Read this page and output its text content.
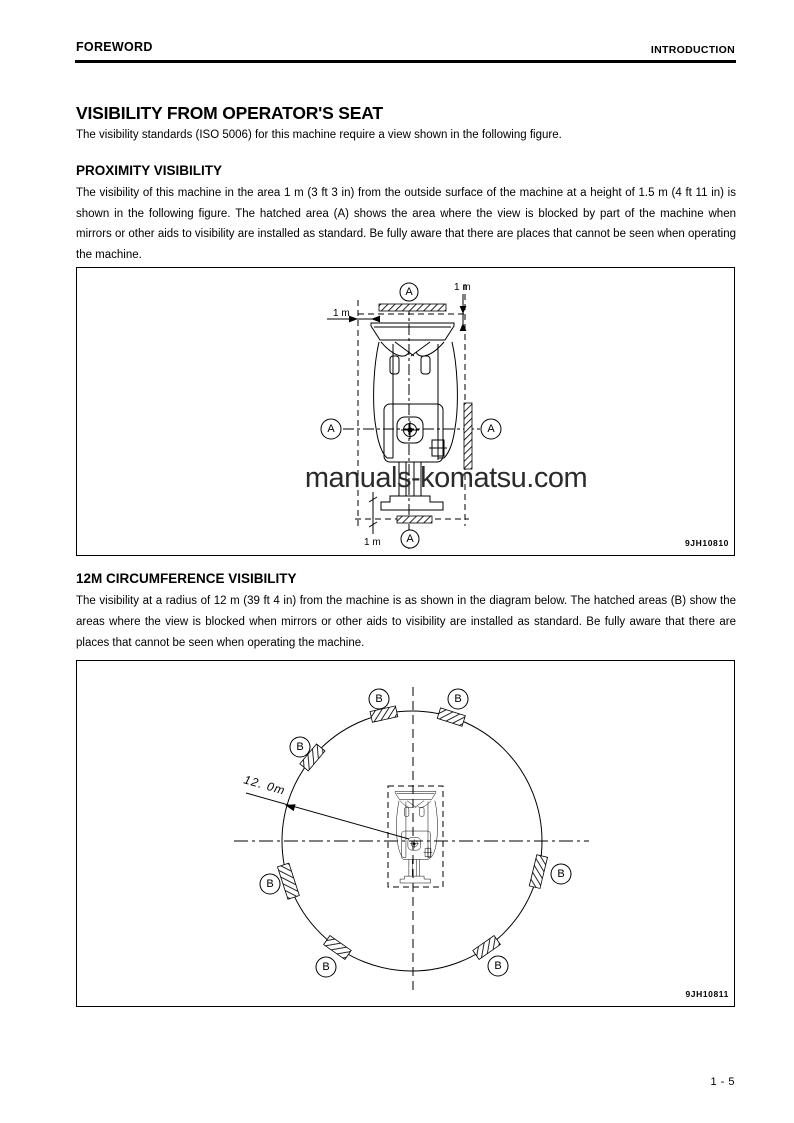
FOREWORD	INTRODUCTION
VISIBILITY FROM OPERATOR'S SEAT
The visibility standards (ISO 5006) for this machine require a view shown in the following figure.
PROXIMITY VISIBILITY
The visibility of this machine in the area 1 m (3 ft 3 in) from the outside surface of the machine at a height of 1.5 m (4 ft 11 in) is shown in the following figure. The hatched area (A) shows the area where the view is blocked by part of the machine when mirrors or other aids to visibility are installed as standard. Be fully aware that there are places that cannot be seen when operating the machine.
A
A	A
A
1 m
1 m
1 m
manuals-komatsu.com
9JH10810
12M CIRCUMFERENCE VISIBILITY
The visibility at a radius of 12 m (39 ft 4 in) from the machine is as shown in the diagram below. The hatched areas (B) show the areas where the view is blocked when mirrors or other aids to visibility are installed as standard. Be fully aware that there are places that cannot be seen when operating the machine.
12. 0m
B	B
B
B
B
B	B
9JH10811
1 - 5
